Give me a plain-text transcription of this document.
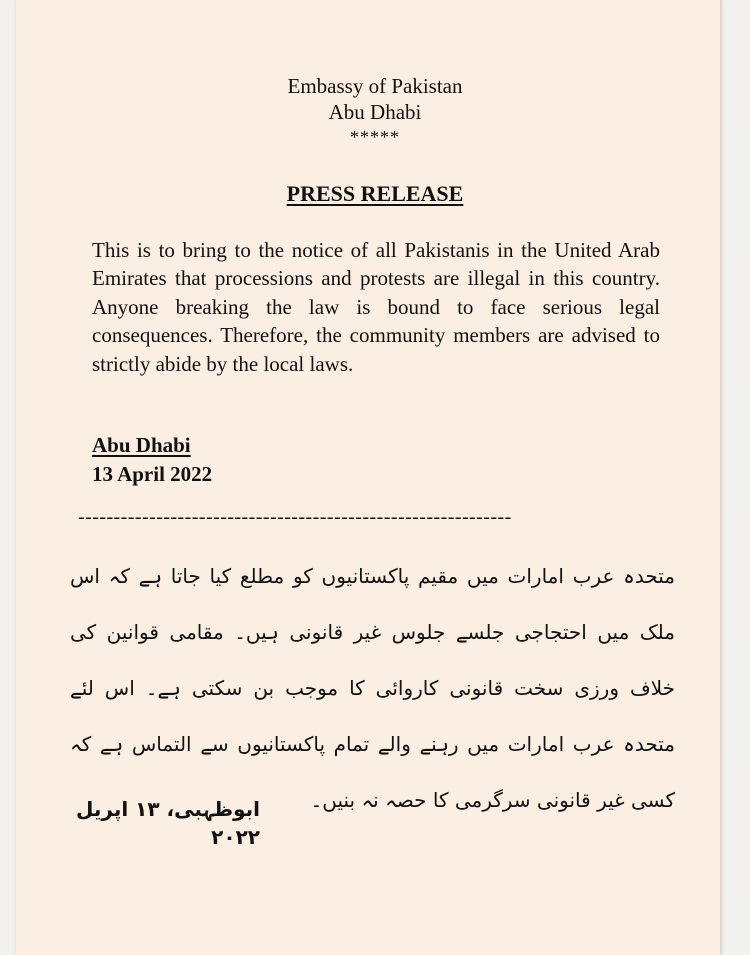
Embassy of Pakistan
Abu Dhabi
*****
PRESS RELEASE
This is to bring to the notice of all Pakistanis in the United Arab Emirates that processions and protests are illegal in this country. Anyone breaking the law is bound to face serious legal consequences. Therefore, the community members are advised to strictly abide by the local laws.
Abu Dhabi
13 April 2022
-------------------------------------------------------------
متحدہ عرب امارات میں مقیم پاکستانیوں کو مطلع کیا جاتا ہے کہ اس ملک میں احتجاجی جلسے جلوس غیر قانونی ہیں۔ مقامی قوانین کی خلاف ورزی سخت قانونی کاروائی کا موجب بن سکتی ہے۔ اس لئے متحدہ عرب امارات میں رہنے والے تمام پاکستانیوں سے التماس ہے کہ کسی غیر قانونی سرگرمی کا حصہ نہ بنیں۔
ابوظہبی، ۱۳ اپریل ۲۰۲۲
